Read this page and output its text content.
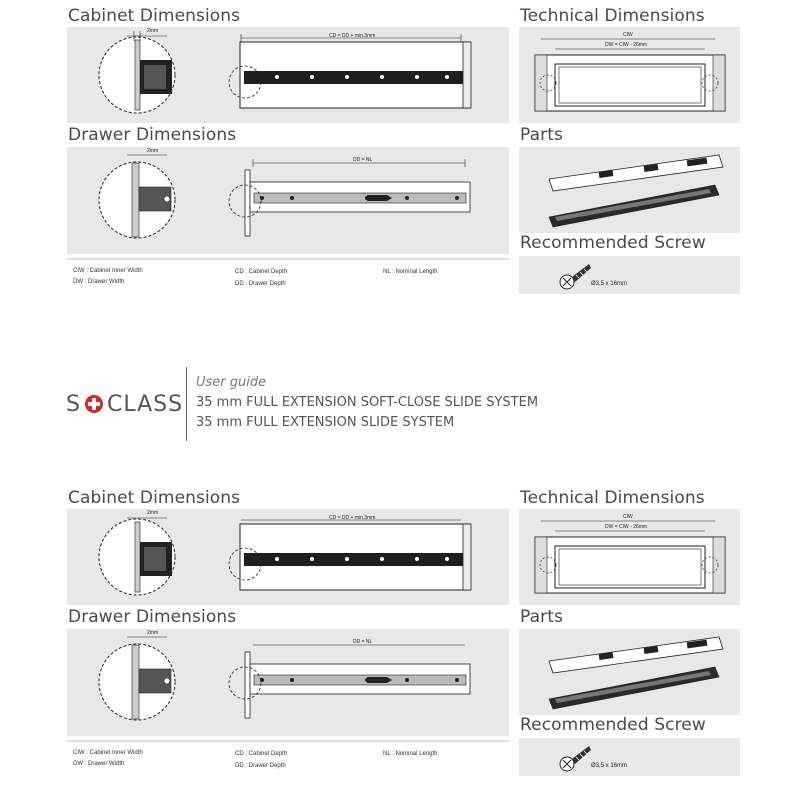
Cabinet Dimensions	Technical Dimensions
2mm
CD = DD + min.3mm	CIW
DW = CIW - 26mm
Drawer Dimensions	Parts
2mm
DD = NL
Recommended Screw
CIW : Cabinet Inner Width
DW : Drawer Width
CD : Cabinet Depth
DD : Drawer Depth
NL : Nominal Length
Ø3,5 x 16mm
S CLASS
User guide
35 mm FULL EXTENSION SOFT-CLOSE SLIDE SYSTEM
35 mm FULL EXTENSION SLIDE SYSTEM
Cabinet Dimensions	Technical Dimensions
2mm
CD = DD + min.3mm	CIW
DW = CIW - 26mm
Drawer Dimensions	Parts
2mm
DD = NL
Recommended Screw
CIW : Cabinet Inner Width
DW : Drawer Width
CD : Cabinet Depth
DD : Drawer Depth
NL : Nominal Length
Ø3,5 x 16mm
